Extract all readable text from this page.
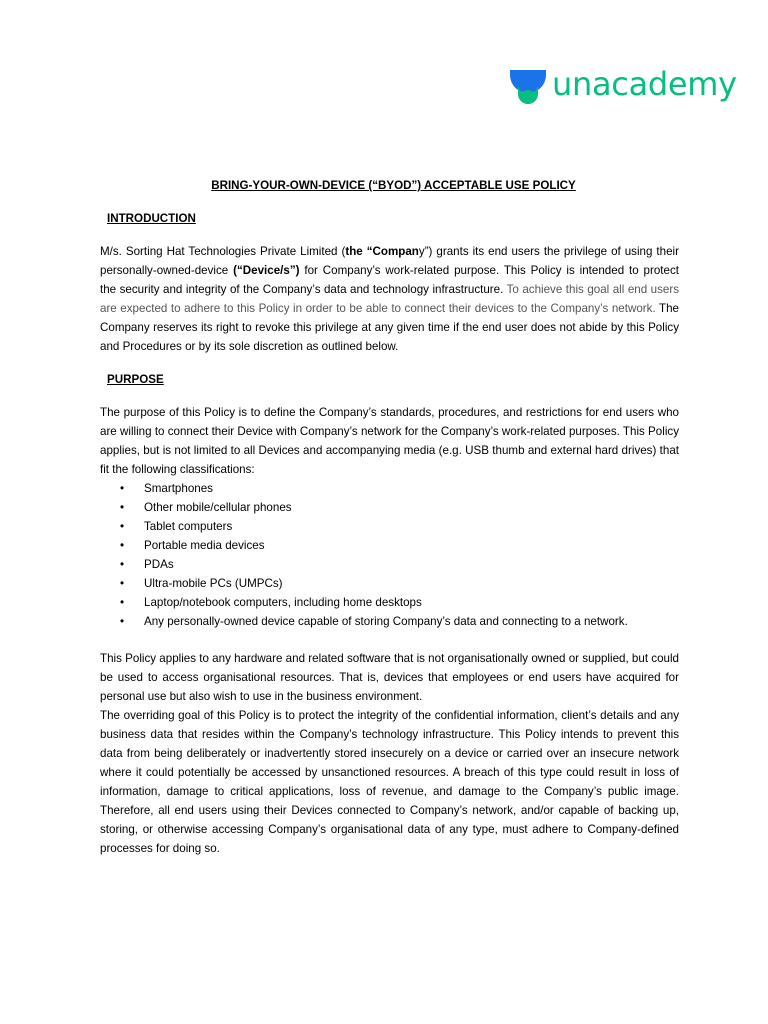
unacademy
BRING-YOUR-OWN-DEVICE (“BYOD”) ACCEPTABLE USE POLICY
INTRODUCTION

M/s. Sorting Hat Technologies Private Limited (the “Company”) grants its end users the privilege of using their personally-owned-device (“Device/s”) for Company’s work-related purpose. This Policy is intended to protect the security and integrity of the Company’s data and technology infrastructure. To achieve this goal all end users are expected to adhere to this Policy in order to be able to connect their devices to the Company’s network. The Company reserves its right to revoke this privilege at any given time if the end user does not abide by this Policy and Procedures or by its sole discretion as outlined below.

PURPOSE

The purpose of this Policy is to define the Company’s standards, procedures, and restrictions for end users who are willing to connect their Device with Company’s network for the Company’s work-related purposes. This Policy applies, but is not limited to all Devices and accompanying media (e.g. USB thumb and external hard drives) that fit the following classifications:

• Smartphones
• Other mobile/cellular phones
• Tablet computers
• Portable media devices
• PDAs
• Ultra-mobile PCs (UMPCs)
• Laptop/notebook computers, including home desktops
• Any personally-owned device capable of storing Company’s data and connecting to a network.

This Policy applies to any hardware and related software that is not organisationally owned or supplied, but could be used to access organisational resources. That is, devices that employees or end users have acquired for personal use but also wish to use in the business environment.

The overriding goal of this Policy is to protect the integrity of the confidential information, client’s details and any business data that resides within the Company’s technology infrastructure. This Policy intends to prevent this data from being deliberately or inadvertently stored insecurely on a device or carried over an insecure network where it could potentially be accessed by unsanctioned resources. A breach of this type could result in loss of information, damage to critical applications, loss of revenue, and damage to the Company’s public image. Therefore, all end users using their Devices connected to Company’s network, and/or capable of backing up, storing, or otherwise accessing Company’s organisational data of any type, must adhere to Company-defined processes for doing so.
